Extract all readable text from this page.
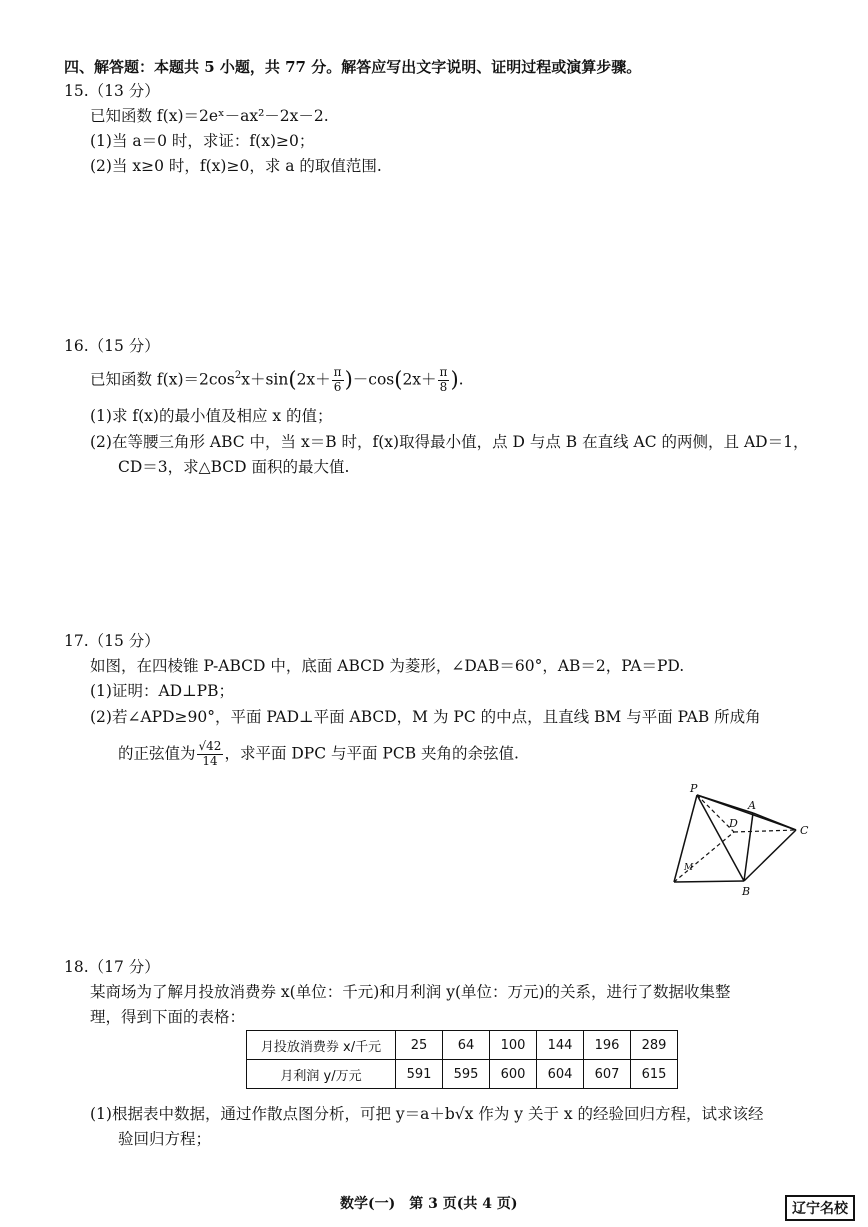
四、解答题：本题共 5 小题，共 77 分。解答应写出文字说明、证明过程或演算步骤。
15.（13 分）
已知函数 f(x)＝2eˣ－ax²－2x－2.
(1)当 a＝0 时，求证：f(x)≥0；
(2)当 x≥0 时，f(x)≥0，求 a 的取值范围.
16.（15 分）
已知函数 $f(x)=2\cos^2x+\sin(2x+ \frac{\pi}{6} )-\cos(2x+ \frac{\pi}{8}$ ).
(1)求 f(x)的最小值及相应 x 的值；
(2)在等腰三角形 ABC 中，当 x＝B 时，f(x)取得最小值，点 D 与点 B 在直线 AC 的两侧，且 AD＝1，
CD＝3，求△BCD 面积的最大值.
17.（15 分）
如图，在四棱锥 P-ABCD 中，底面 ABCD 为菱形，∠DAB＝60°，AB＝2，PA＝PD.
(1)证明：AD⊥PB；
(2)若∠APD≥90°，平面 PAD⊥平面 ABCD，M 为 PC 的中点，且直线 BM 与平面 PAB 所成角
的正弦值为 $\frac{√42}{14}$ ，求平面 DPC 与平面 PCB 夹角的余弦值.
P
A
D
C
B
M
18.（17 分）
某商场为了解月投放消费券 x(单位：千元)和月利润 y(单位：万元)的关系，进行了数据收集整
理，得到下面的表格：
月投放消费券 x/千元	25	64	100	144	196	289
月利润 y/万元	591	595	600	604	607	615
(1)根据表中数据，通过作散点图分析，可把 y＝a＋b√x 作为 y 关于 x 的经验回归方程，试求该经
验回归方程；
数学(一)　第 3 页(共 4 页)	辽宁名校
